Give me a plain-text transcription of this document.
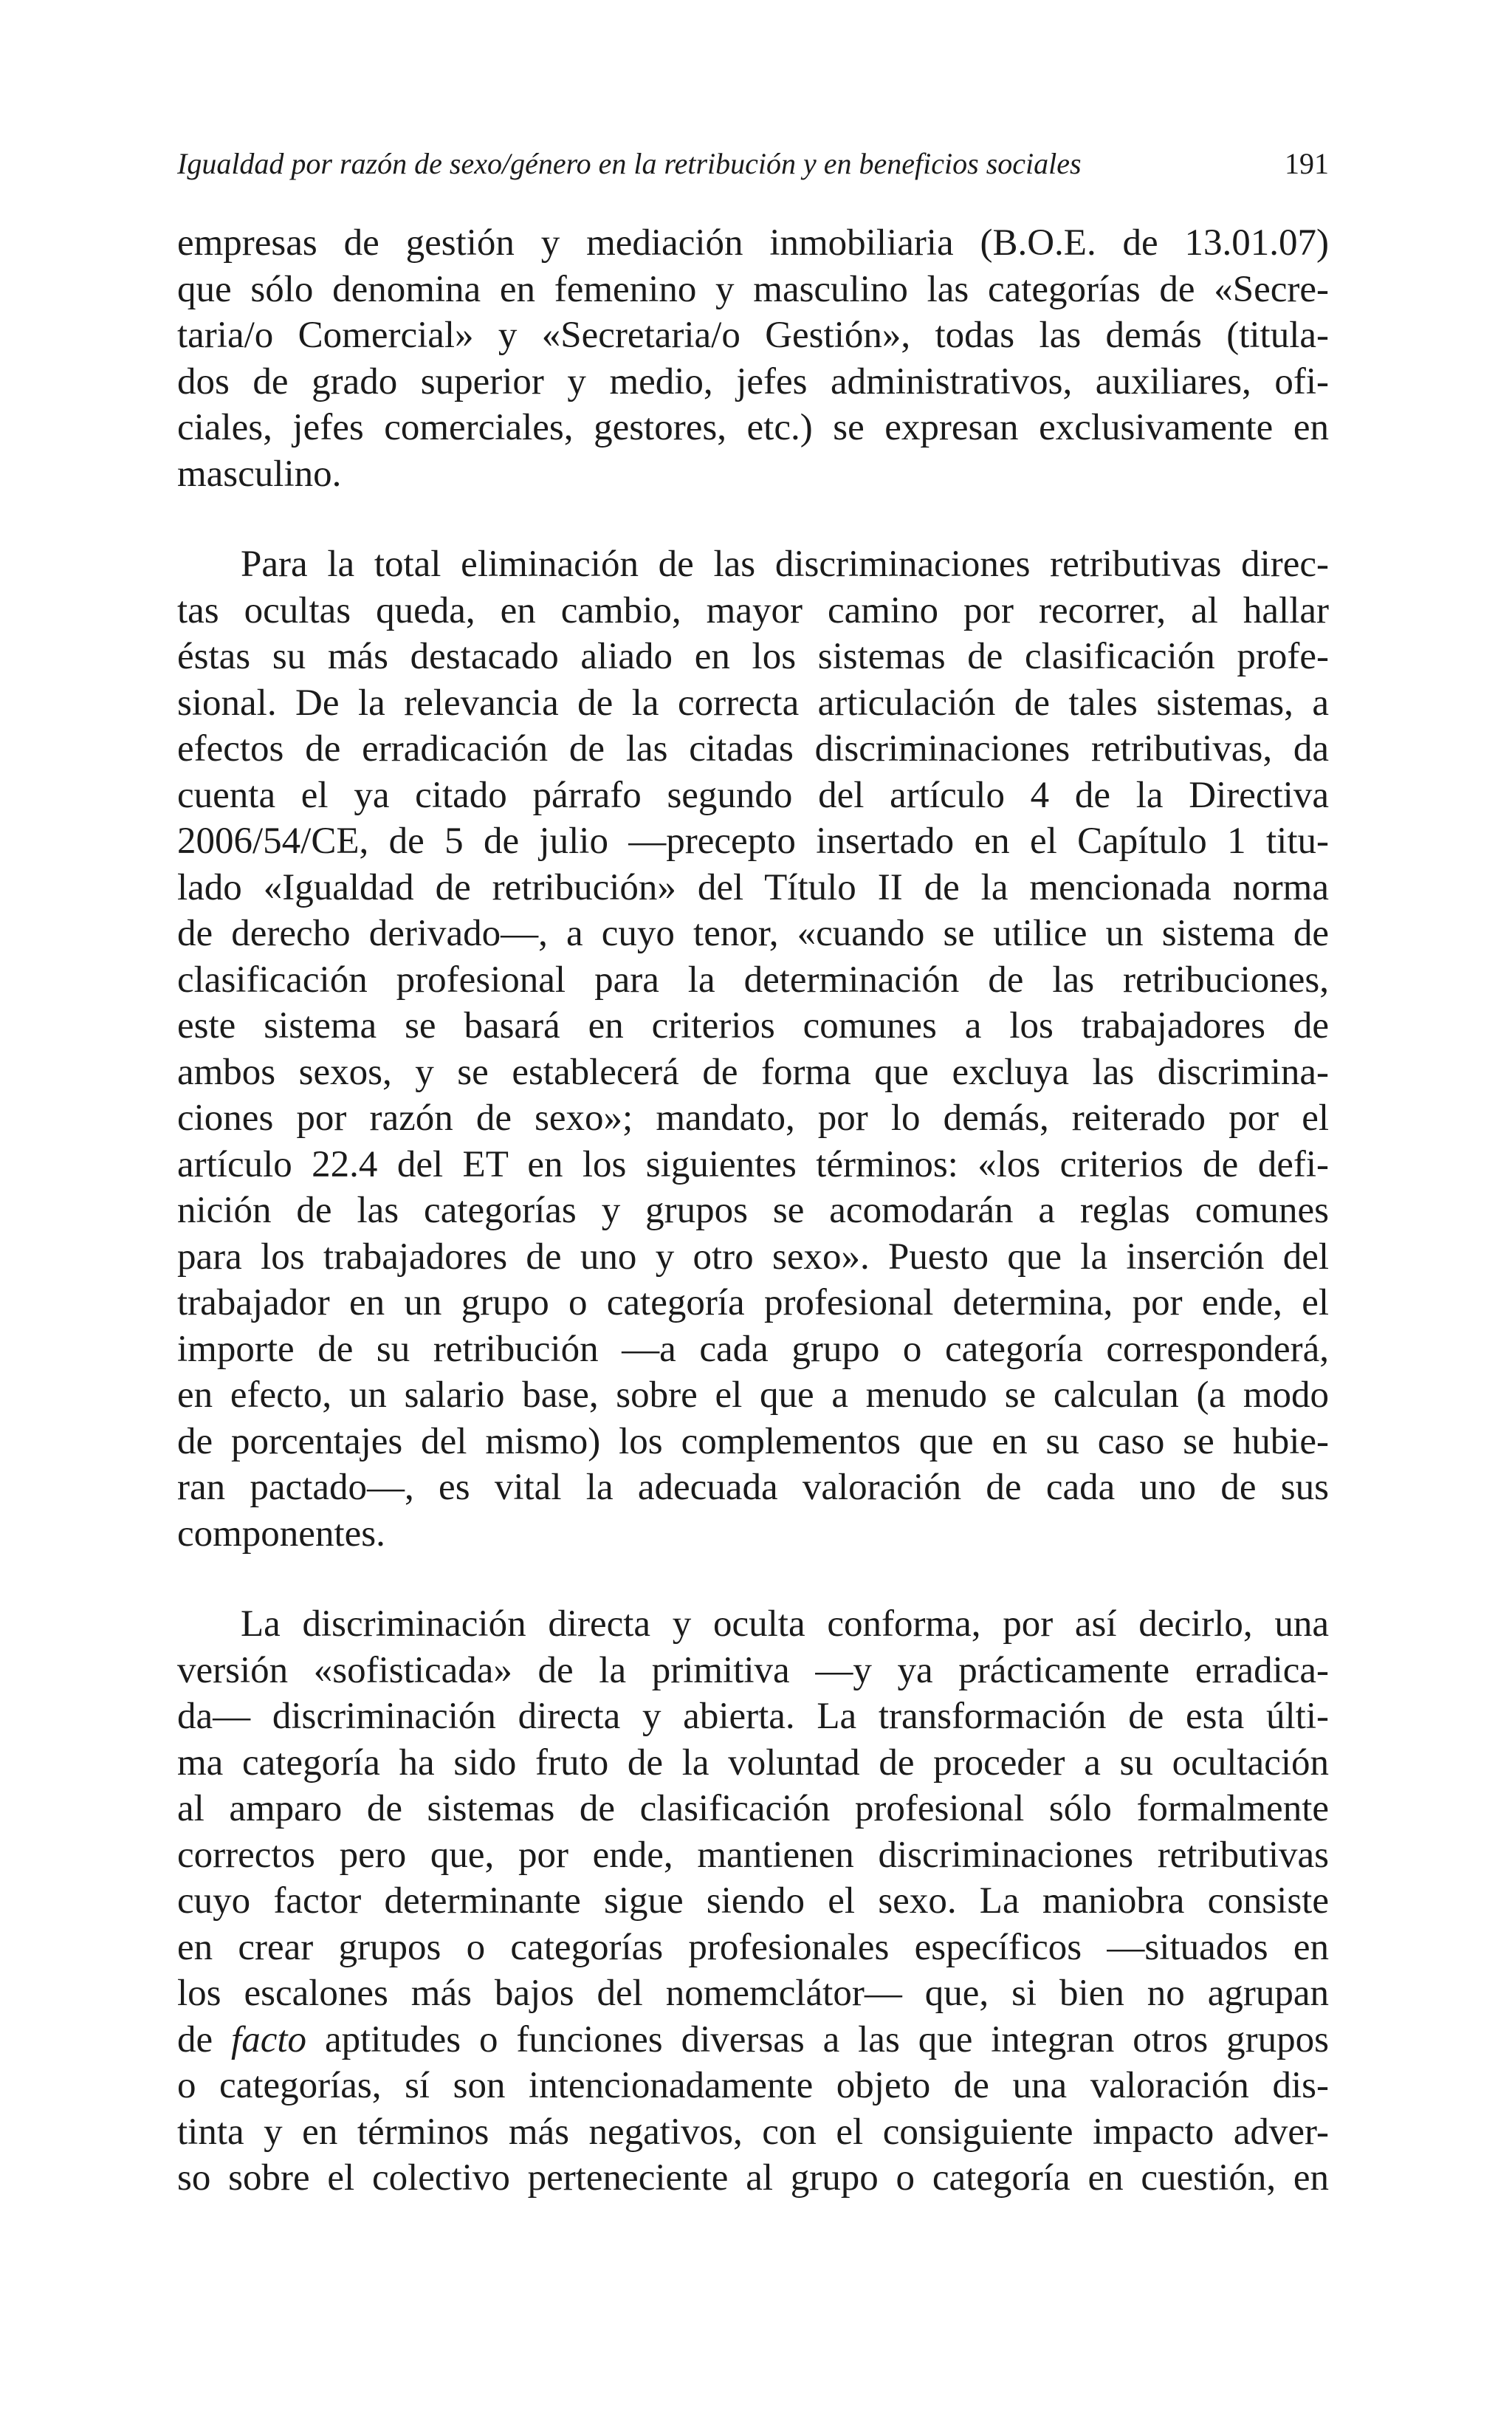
Igualdad por razón de sexo/género en la retribución y en beneficios sociales	191

empresas de gestión y mediación inmobiliaria (B.O.E. de 13.01.07)
que sólo denomina en femenino y masculino las categorías de «Secre-
taria/o Comercial» y «Secretaria/o Gestión», todas las demás (titula-
dos de grado superior y medio, jefes administrativos, auxiliares, ofi-
ciales, jefes comerciales, gestores, etc.) se expresan exclusivamente en
masculino.

Para la total eliminación de las discriminaciones retributivas direc-
tas ocultas queda, en cambio, mayor camino por recorrer, al hallar
éstas su más destacado aliado en los sistemas de clasificación profe-
sional. De la relevancia de la correcta articulación de tales sistemas, a
efectos de erradicación de las citadas discriminaciones retributivas, da
cuenta el ya citado párrafo segundo del artículo 4 de la Directiva
2006/54/CE, de 5 de julio —precepto insertado en el Capítulo 1 titu-
lado «Igualdad de retribución» del Título II de la mencionada norma
de derecho derivado—, a cuyo tenor, «cuando se utilice un sistema de
clasificación profesional para la determinación de las retribuciones,
este sistema se basará en criterios comunes a los trabajadores de
ambos sexos, y se establecerá de forma que excluya las discrimina-
ciones por razón de sexo»; mandato, por lo demás, reiterado por el
artículo 22.4 del ET en los siguientes términos: «los criterios de defi-
nición de las categorías y grupos se acomodarán a reglas comunes
para los trabajadores de uno y otro sexo». Puesto que la inserción del
trabajador en un grupo o categoría profesional determina, por ende, el
importe de su retribución —a cada grupo o categoría corresponderá,
en efecto, un salario base, sobre el que a menudo se calculan (a modo
de porcentajes del mismo) los complementos que en su caso se hubie-
ran pactado—, es vital la adecuada valoración de cada uno de sus
componentes.

La discriminación directa y oculta conforma, por así decirlo, una
versión «sofisticada» de la primitiva —y ya prácticamente erradica-
da— discriminación directa y abierta. La transformación de esta últi-
ma categoría ha sido fruto de la voluntad de proceder a su ocultación
al amparo de sistemas de clasificación profesional sólo formalmente
correctos pero que, por ende, mantienen discriminaciones retributivas
cuyo factor determinante sigue siendo el sexo. La maniobra consiste
en crear grupos o categorías profesionales específicos —situados en
los escalones más bajos del nomemclátor— que, si bien no agrupan
de facto aptitudes o funciones diversas a las que integran otros grupos
o categorías, sí son intencionadamente objeto de una valoración dis-
tinta y en términos más negativos, con el consiguiente impacto adver-
so sobre el colectivo perteneciente al grupo o categoría en cuestión, en
